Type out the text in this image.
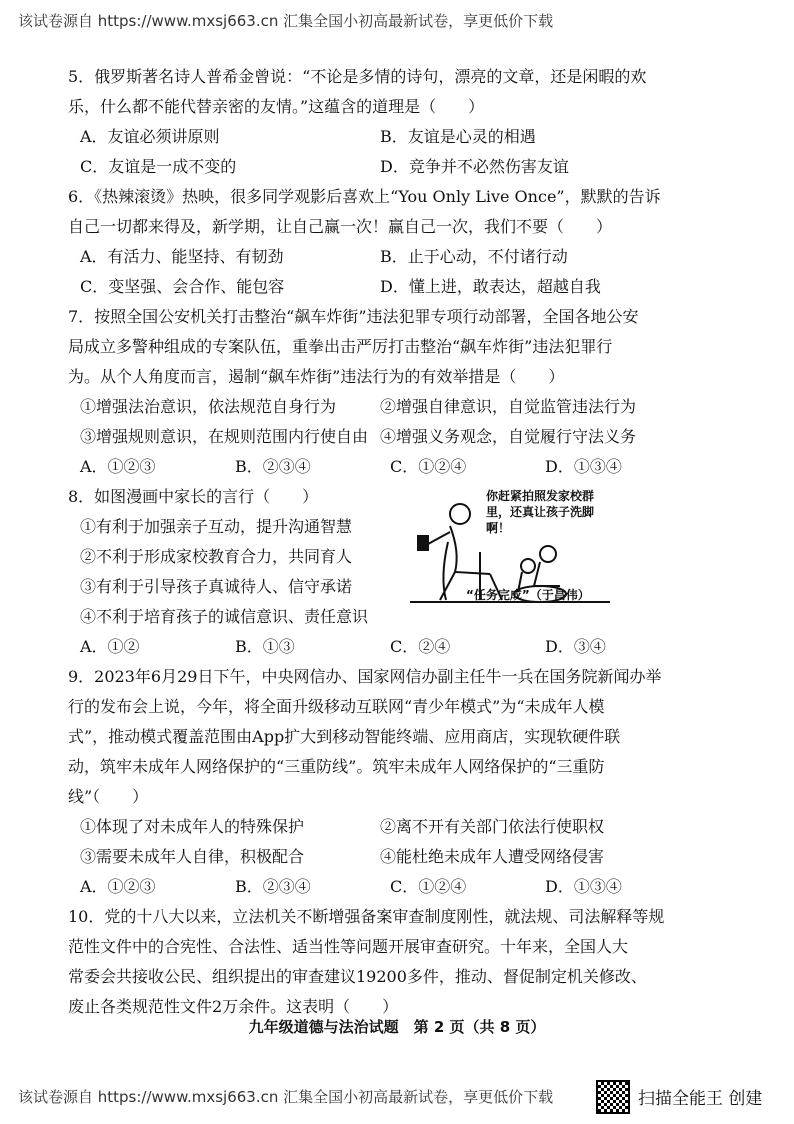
该试卷源自 https://www.mxsj663.cn 汇集全国小初高最新试卷，享更低价下载

5．俄罗斯著名诗人普希金曾说：“不论是多情的诗句，漂亮的文章，还是闲暇的欢

乐，什么都不能代替亲密的友情。”这蕴含的道理是（　　）

A．友谊必须讲原则	B．友谊是心灵的相遇
C．友谊是一成不变的	D．竞争并不必然伤害友谊

6．《热辣滚烫》热映，很多同学观影后喜欢上“You Only Live Once”，默默的告诉

自己一切都来得及，新学期，让自己赢一次！赢自己一次，我们不要（　　）

A．有活力、能坚持、有韧劲	B．止于心动，不付诸行动
C．变坚强、会合作、能包容	D．懂上进，敢表达，超越自我

7．按照全国公安机关打击整治“飙车炸街”违法犯罪专项行动部署，全国各地公安

局成立多警种组成的专案队伍，重拳出击严厉打击整治“飙车炸街”违法犯罪行

为。从个人角度而言，遏制“飙车炸街”违法行为的有效举措是（　　）

①增强法治意识，依法规范自身行为	②增强自律意识，自觉监管违法行为
③增强规则意识，在规则范围内行使自由 ④增强义务观念，自觉履行守法义务
A．①②③	B．②③④	C．①②④	D．①③④

8．如图漫画中家长的言行（　　）

①有利于加强亲子互动，提升沟通智慧

②不利于形成家校教育合力，共同育人

③有利于引导孩子真诚待人、信守承诺

④不利于培育孩子的诚信意识、责任意识

A．①②	B．①③	C．②④	D．③④

9．2023年6月29日下午，中央网信办、国家网信办副主任牛一兵在国务院新闻办举

行的发布会上说，今年，将全面升级移动互联网“青少年模式”为“未成年人模

式”，推动模式覆盖范围由App扩大到移动智能终端、应用商店，实现软硬件联

动，筑牢未成年人网络保护的“三重防线”。筑牢未成年人网络保护的“三重防

线”（　　）

①体现了对未成年人的特殊保护	②离不开有关部门依法行使职权
③需要未成年人自律，积极配合	④能杜绝未成年人遭受网络侵害
A．①②③	B．②③④	C．①②④	D．①③④

10．党的十八大以来，立法机关不断增强备案审查制度刚性，就法规、司法解释等规

范性文件中的合宪性、合法性、适当性等问题开展审查研究。十年来，全国人大

常委会共接收公民、组织提出的审查建议19200多件，推动、督促制定机关修改、

废止各类规范性文件2万余件。这表明（　　）

你赶紧拍照发家校群里，还真让孩子洗脚啊！
“任务完成”（于昌伟）
九年级道德与法治试题　第 2 页（共 8 页）
该试卷源自 https://www.mxsj663.cn 汇集全国小初高最新试卷，享更低价下载	扫描全能王 创建
